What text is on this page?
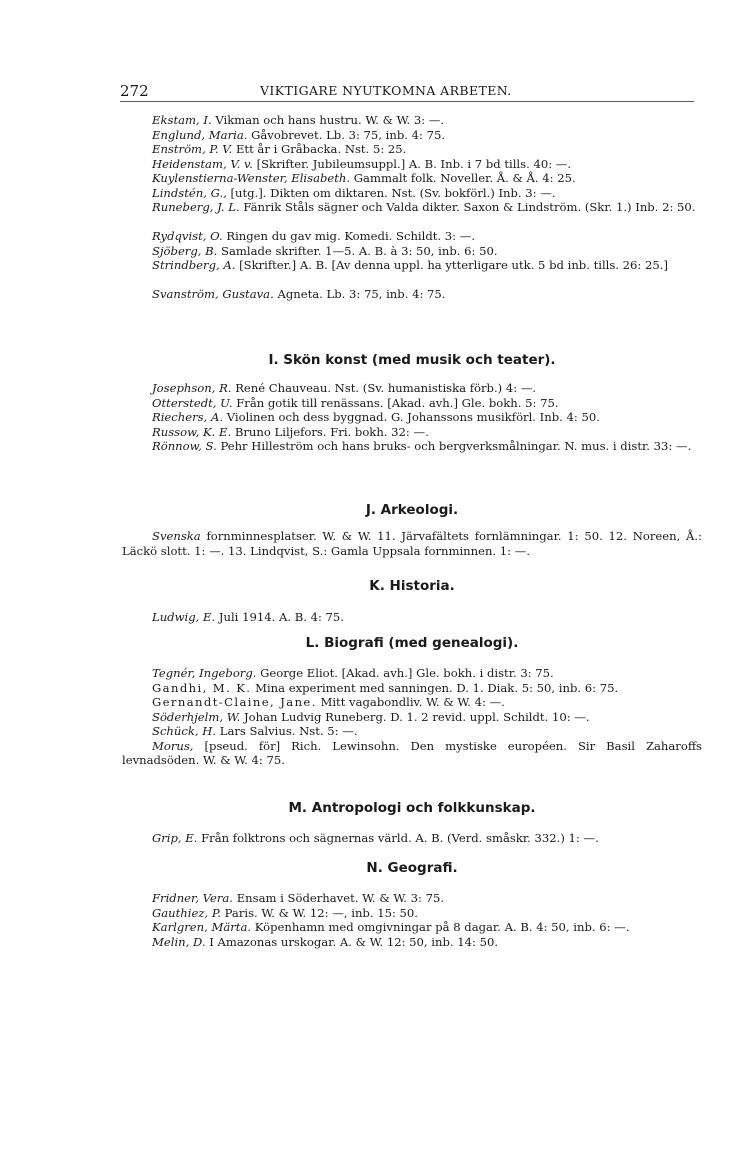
272	VIKTIGARE NYUTKOMNA ARBETEN.
Ekstam, I. Vikman och hans hustru. W. & W. 3: —.
Englund, Maria. Gåvobrevet. Lb. 3: 75, inb. 4: 75.
Enström, P. V. Ett år i Gråbacka. Nst. 5: 25.
Heidenstam, V. v. [Skrifter. Jubileumsuppl.] A. B. Inb. i 7 bd tills. 40: —.
Kuylenstierna-Wenster, Elisabeth. Gammalt folk. Noveller. Å. & Å. 4: 25.
Lindstén, G., [utg.]. Dikten om diktaren. Nst. (Sv. bokförl.) Inb. 3: —.
Runeberg, J. L. Fänrik Ståls sägner och Valda dikter. Saxon & Lindström. (Skr. 1.) Inb. 2: 50.
Rydqvist, O. Ringen du gav mig. Komedi. Schildt. 3: —.
Sjöberg, B. Samlade skrifter. 1—5. A. B. à 3: 50, inb. 6: 50.
Strindberg, A. [Skrifter.] A. B. [Av denna uppl. ha ytterligare utk. 5 bd inb. tills. 26: 25.]
Svanström, Gustava. Agneta. Lb. 3: 75, inb. 4: 75.
I. Skön konst (med musik och teater).
Josephson, R. René Chauveau. Nst. (Sv. humanistiska förb.) 4: —.
Otterstedt, U. Från gotik till renässans. [Akad. avh.] Gle. bokh. 5: 75.
Riechers, A. Violinen och dess byggnad. G. Johanssons musikförl. Inb. 4: 50.
Russow, K. E. Bruno Liljefors. Fri. bokh. 32: —.
Rönnow, S. Pehr Hilleström och hans bruks- och bergverksmålningar. N. mus. i distr. 33: —.
J. Arkeologi.
Svenska fornminnesplatser. W. & W. 11. Järvafältets fornlämningar. 1: 50. 12. Noreen, Å.: Läckö slott. 1: —. 13. Lindqvist, S.: Gamla Uppsala fornminnen. 1: —.
K. Historia.
Ludwig, E. Juli 1914. A. B. 4: 75.
L. Biografi (med genealogi).
Tegnér, Ingeborg. George Eliot. [Akad. avh.] Gle. bokh. i distr. 3: 75.
Gandhi, M. K. Mina experiment med sanningen. D. 1. Diak. 5: 50, inb. 6: 75.
Gernandt-Claine, Jane. Mitt vagabondliv. W. & W. 4: —.
Söderhjelm, W. Johan Ludvig Runeberg. D. 1. 2 revid. uppl. Schildt. 10: —.
Schück, H. Lars Salvius. Nst. 5: —.
Morus, [pseud. för] Rich. Lewinsohn. Den mystiske européen. Sir Basil Zaharoffs levnadsöden. W. & W. 4: 75.
M. Antropologi och folkkunskap.
Grip, E. Från folktrons och sägnernas värld. A. B. (Verd. småskr. 332.) 1: —.
N. Geografi.
Fridner, Vera. Ensam i Söderhavet. W. & W. 3: 75.
Gauthiez, P. Paris. W. & W. 12: —, inb. 15: 50.
Karlgren, Märta. Köpenhamn med omgivningar på 8 dagar. A. B. 4: 50, inb. 6: —.
Melin, D. I Amazonas urskogar. A. & W. 12: 50, inb. 14: 50.
